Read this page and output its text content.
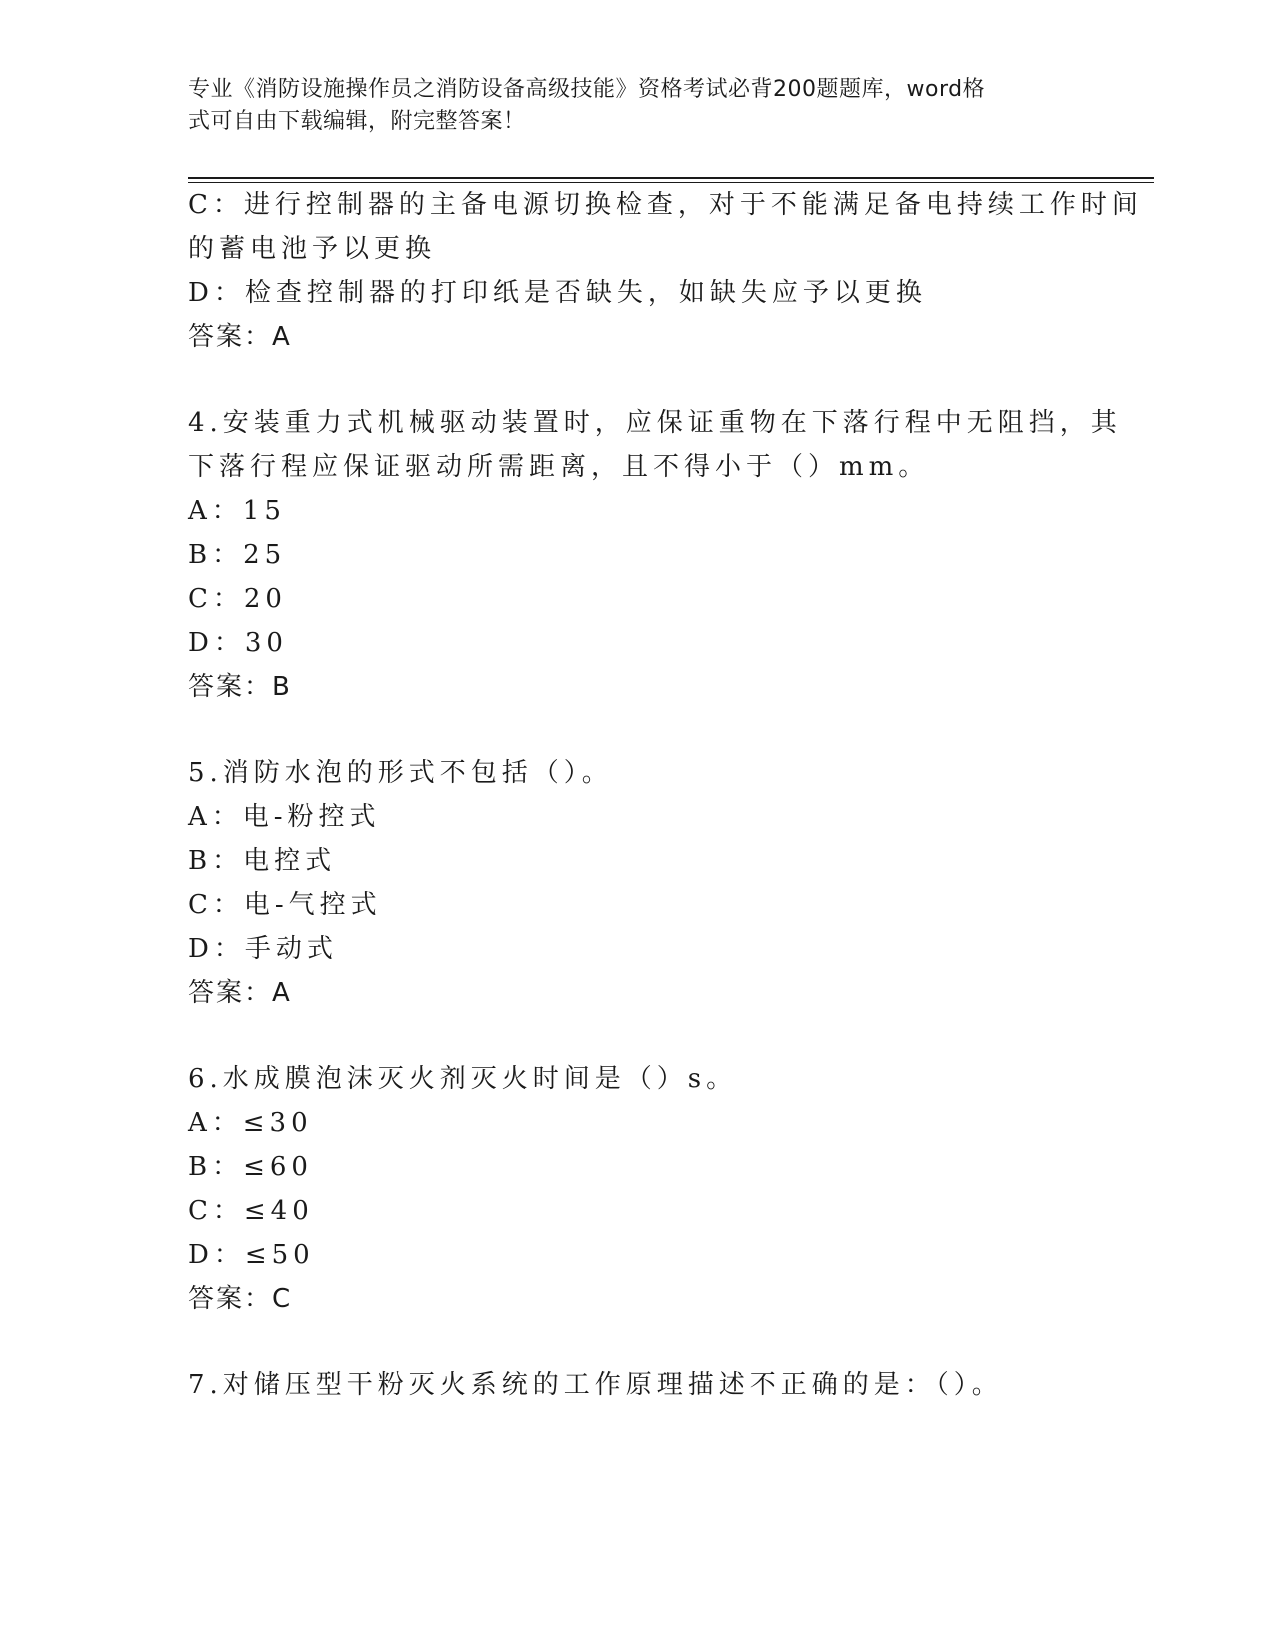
专业《消防设施操作员之消防设备高级技能》资格考试必背200题题库，word格
式可自由下载编辑，附完整答案！
C：进行控制器的主备电源切换检查，对于不能满足备电持续工作时间
的蓄电池予以更换
D：检查控制器的打印纸是否缺失，如缺失应予以更换
答案：A
4.安装重力式机械驱动装置时，应保证重物在下落行程中无阻挡，其
下落行程应保证驱动所需距离，且不得小于（）mm。
A：15
B：25
C：20
D：30
答案：B
5.消防水泡的形式不包括（）。
A：电-粉控式
B：电控式
C：电-气控式
D：手动式
答案：A
6.水成膜泡沫灭火剂灭火时间是（）s。
A：≤30
B：≤60
C：≤40
D：≤50
答案：C
7.对储压型干粉灭火系统的工作原理描述不正确的是：（）。
